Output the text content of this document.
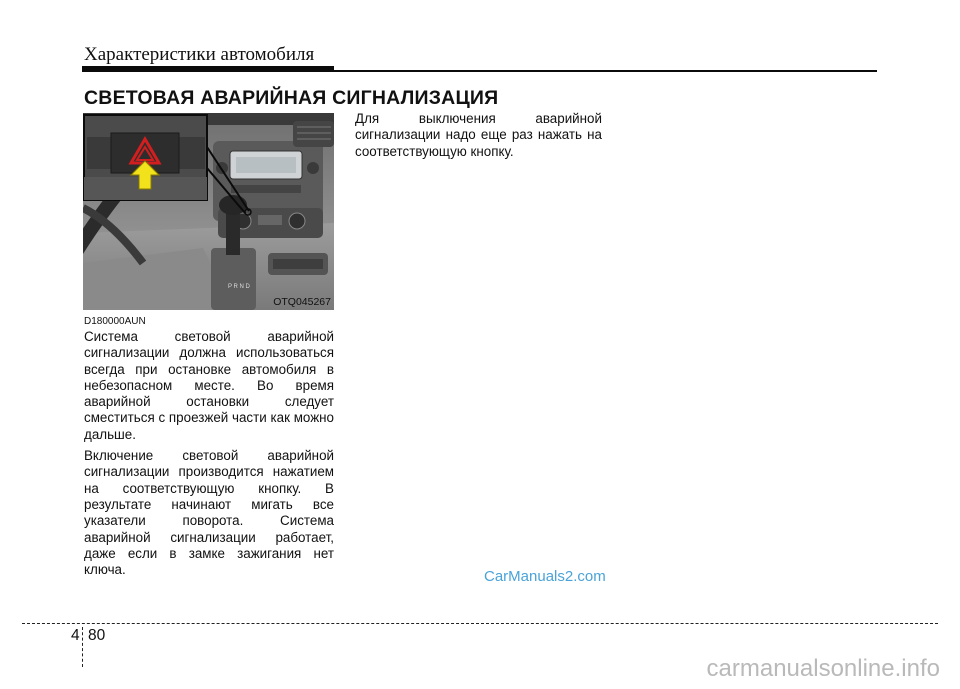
Характеристики автомобиля
СВЕТОВАЯ АВАРИЙНАЯ СИГНАЛИЗАЦИЯ
P R N D
OTQ045267
D180000AUN

Система световой аварийной сигнализации должна использоваться всегда при остановке автомобиля в небезопасном месте. Во время аварийной остановки следует сместиться с проезжей части как можно дальше.

Включение световой аварийной сигнализации производится нажатием на соответствующую кнопку. В результате начинают мигать все указатели поворота. Система аварийной сигнализации работает, даже если в замке зажигания нет ключа.

Для выключения аварийной сигнализации надо еще раз нажать на соответствующую кнопку.

CarManuals2.com
4 80
carmanualsonline.info
